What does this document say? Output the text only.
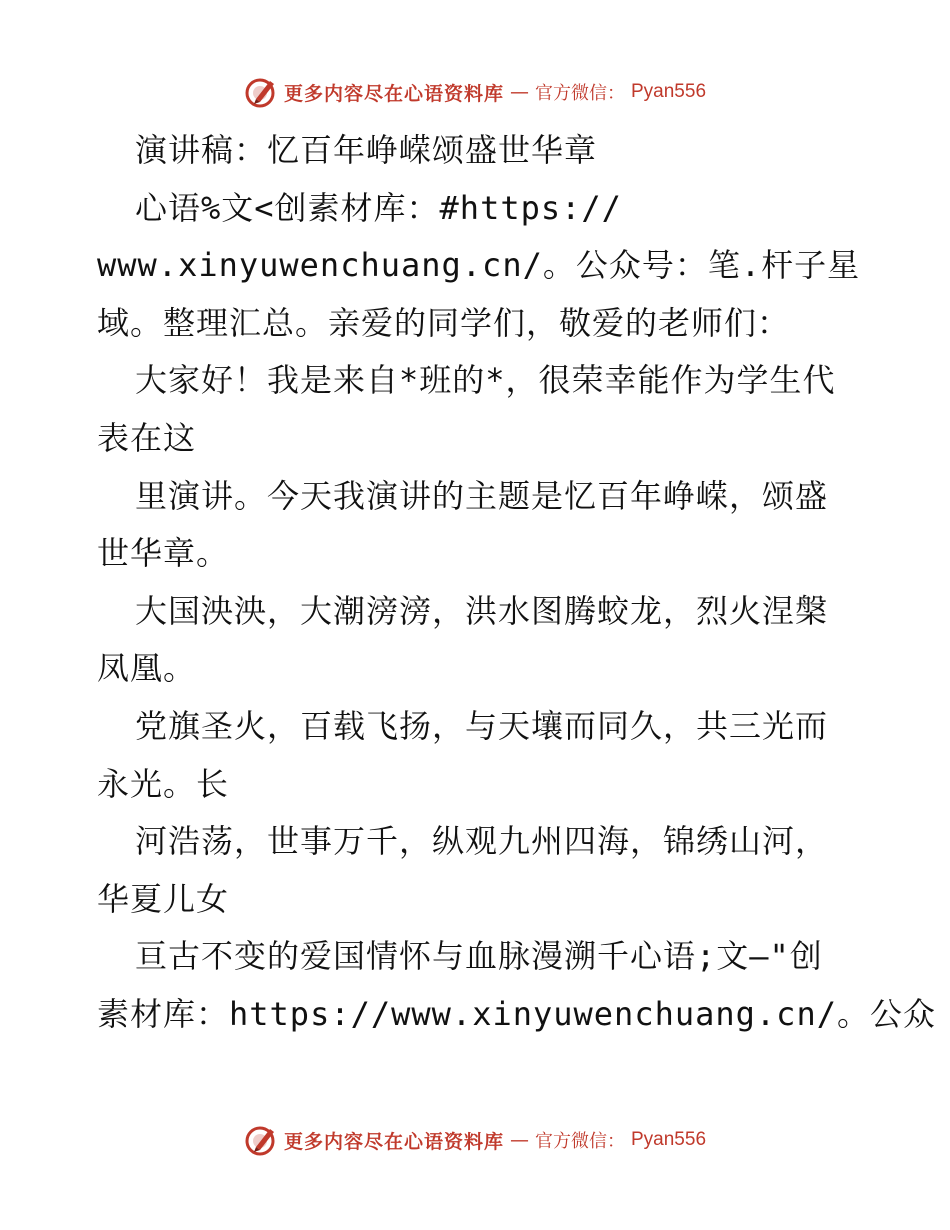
更多内容尽在心语资料库 — 官方微信： Pyan556
演讲稿：忆百年峥嵘颂盛世华章
心语%文<创素材库：#https://
www.xinyuwenchuang.cn/。公众号：笔.杆子星
域。整理汇总。亲爱的同学们，敬爱的老师们：
大家好！我是来自*班的*，很荣幸能作为学生代
表在这
里演讲。今天我演讲的主题是忆百年峥嵘，颂盛
世华章。
大国泱泱，大潮滂滂，洪水图腾蛟龙，烈火涅槃
凤凰。
党旗圣火，百载飞扬，与天壤而同久，共三光而
永光。长
河浩荡，世事万千，纵观九州四海，锦绣山河，
华夏儿女
亘古不变的爱国情怀与血脉漫溯千心语;文—"创
素材库：https://www.xinyuwenchuang.cn/。公众
更多内容尽在心语资料库 — 官方微信： Pyan556
